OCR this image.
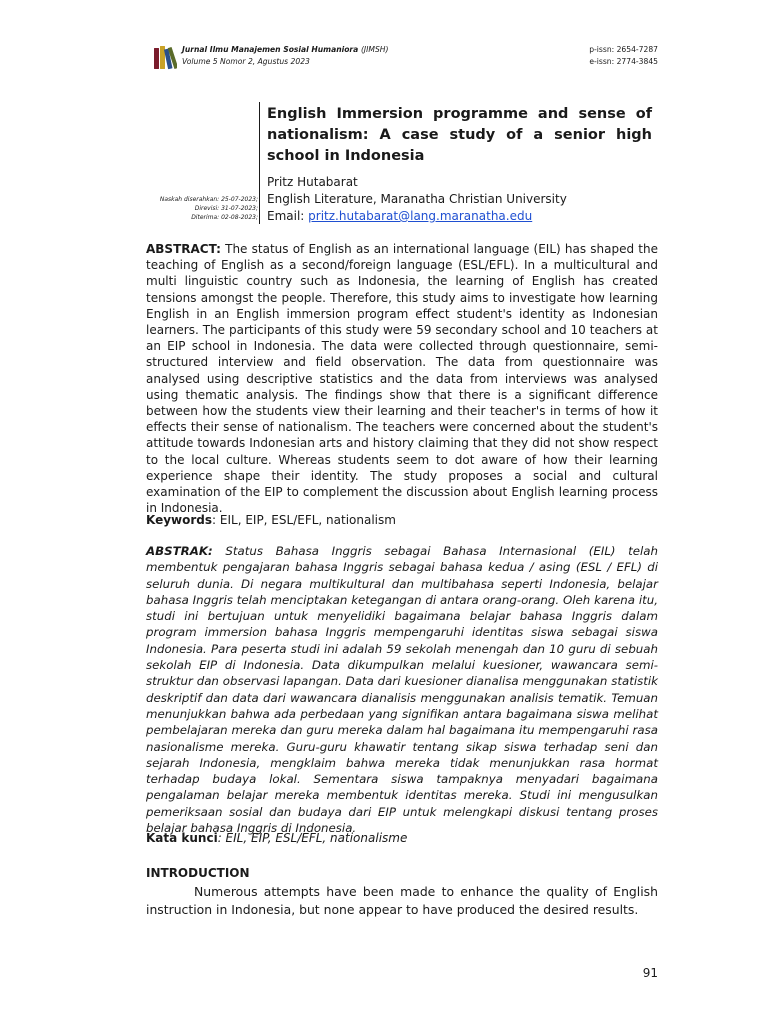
Jurnal Ilmu Manajemen Sosial Humaniora (JIMSH)
Volume 5 Nomor 2, Agustus 2023
p-issn: 2654-7287
e-issn: 2774-3845
English Immersion programme and sense of nationalism: A case study of a senior high school in Indonesia
Pritz Hutabarat
English Literature, Maranatha Christian University
Email: pritz.hutabarat@lang.maranatha.edu
Naskah diserahkan: 25-07-2023;
Direvisi: 31-07-2023;
Diterima: 02-08-2023;
ABSTRACT: The status of English as an international language (EIL) has shaped the teaching of English as a second/foreign language (ESL/EFL). In a multicultural and multi linguistic country such as Indonesia, the learning of English has created tensions amongst the people. Therefore, this study aims to investigate how learning English in an English immersion program effect student's identity as Indonesian learners. The participants of this study were 59 secondary school and 10 teachers at an EIP school in Indonesia. The data were collected through questionnaire, semi-structured interview and field observation. The data from questionnaire was analysed using descriptive statistics and the data from interviews was analysed using thematic analysis. The findings show that there is a significant difference between how the students view their learning and their teacher's in terms of how it effects their sense of nationalism. The teachers were concerned about the student's attitude towards Indonesian arts and history claiming that they did not show respect to the local culture. Whereas students seem to dot aware of how their learning experience shape their identity. The study proposes a social and cultural examination of the EIP to complement the discussion about English learning process in Indonesia.
Keywords: EIL, EIP, ESL/EFL, nationalism
ABSTRAK: Status Bahasa Inggris sebagai Bahasa Internasional (EIL) telah membentuk pengajaran bahasa Inggris sebagai bahasa kedua / asing (ESL / EFL) di seluruh dunia. Di negara multikultural dan multibahasa seperti Indonesia, belajar bahasa Inggris telah menciptakan ketegangan di antara orang-orang. Oleh karena itu, studi ini bertujuan untuk menyelidiki bagaimana belajar bahasa Inggris dalam program immersion bahasa Inggris mempengaruhi identitas siswa sebagai siswa Indonesia. Para peserta studi ini adalah 59 sekolah menengah dan 10 guru di sebuah sekolah EIP di Indonesia. Data dikumpulkan melalui kuesioner, wawancara semi-struktur dan observasi lapangan. Data dari kuesioner dianalisa menggunakan statistik deskriptif dan data dari wawancara dianalisis menggunakan analisis tematik. Temuan menunjukkan bahwa ada perbedaan yang signifikan antara bagaimana siswa melihat pembelajaran mereka dan guru mereka dalam hal bagaimana itu mempengaruhi rasa nasionalisme mereka. Guru-guru khawatir tentang sikap siswa terhadap seni dan sejarah Indonesia, mengklaim bahwa mereka tidak menunjukkan rasa hormat terhadap budaya lokal. Sementara siswa tampaknya menyadari bagaimana pengalaman belajar mereka membentuk identitas mereka. Studi ini mengusulkan pemeriksaan sosial dan budaya dari EIP untuk melengkapi diskusi tentang proses belajar bahasa Inggris di Indonesia.
Kata kunci: EIL, EIP, ESL/EFL, nationalisme
INTRODUCTION
Numerous attempts have been made to enhance the quality of English instruction in Indonesia, but none appear to have produced the desired results.
91
